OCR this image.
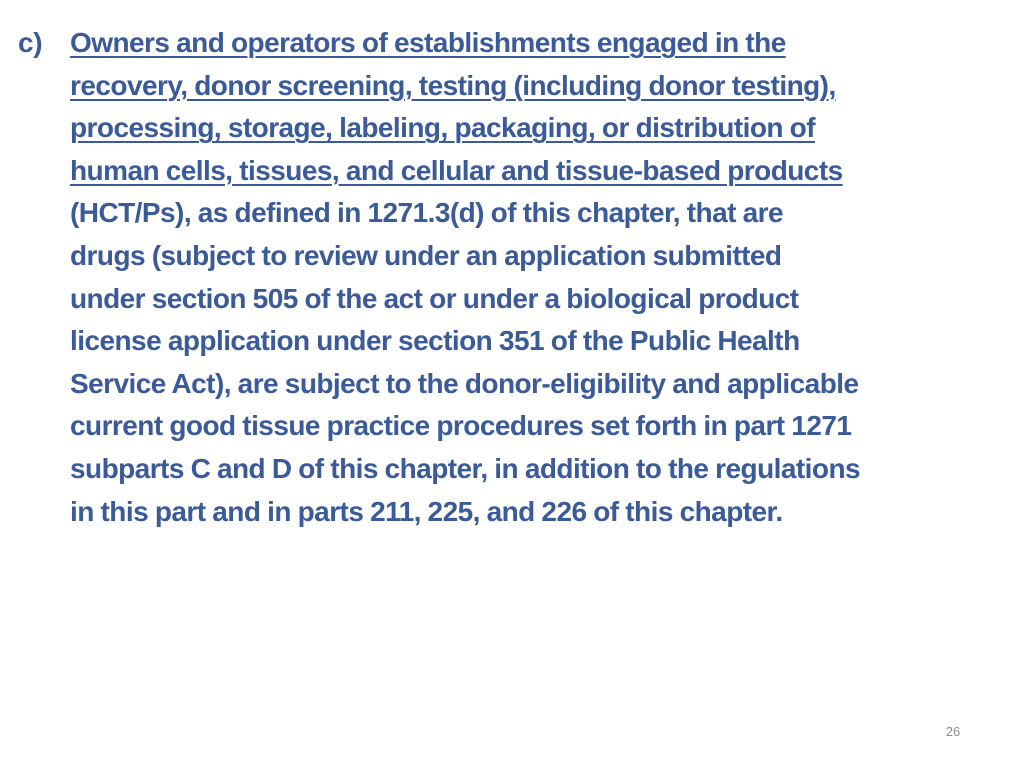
c) Owners and operators of establishments engaged in the
recovery, donor screening, testing (including donor testing),
processing, storage, labeling, packaging, or distribution of
human cells, tissues, and cellular and tissue-based products
(HCT/Ps), as defined in 1271.3(d) of this chapter, that are
drugs (subject to review under an application submitted
under section 505 of the act or under a biological product
license application under section 351 of the Public Health
Service Act), are subject to the donor-eligibility and applicable
current good tissue practice procedures set forth in part 1271
subparts C and D of this chapter, in addition to the regulations
in this part and in parts 211, 225, and 226 of this chapter.
26
